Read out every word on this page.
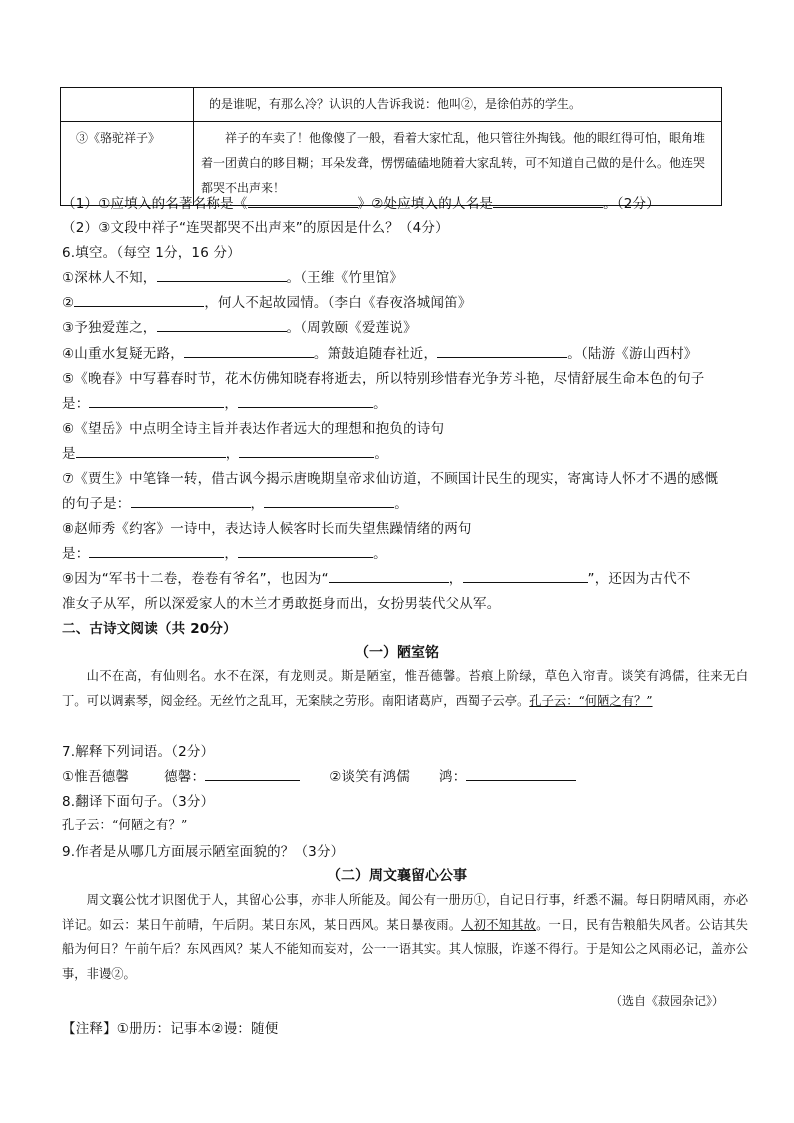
	的是谁呢，有那么冷？认识的人告诉我说：他叫②，是徐伯苏的学生。

③《骆驼祥子》	祥子的车卖了！他像傻了一般，看着大家忙乱，他只管往外掏钱。他的眼红得可怕，眼角堆着一团黄白的眵目糊；耳朵发聋，愣愣磕磕地随着大家乱转，可不知道自己做的是什么。他连哭都哭不出声来！
（1）①应填入的名著名称是《	》②处应填入的人名是	。（2分）
（2）③文段中祥子“连哭都哭不出声来”的原因是什么？（4分）
6.填空。（每空 1分，16 分）
①深林人不知，	。（王维《竹里馆》
②	，何人不起故园情。（李白《春夜洛城闻笛》
③予独爱莲之，	。（周敦颐《爱莲说》
④山重水复疑无路，	。箫鼓追随春社近，	。（陆游《游山西村》
⑤《晚春》中写暮春时节，花木仿佛知晓春将逝去，所以特别珍惜春光争芳斗艳，尽情舒展生命本色的句子
是：	，	。
⑥《望岳》中点明全诗主旨并表达作者远大的理想和抱负的诗句
是	，	。
⑦《贾生》中笔锋一转，借古讽今揭示唐晚期皇帝求仙访道，不顾国计民生的现实，寄寓诗人怀才不遇的感慨
的句子是：	，	。
⑧赵师秀《约客》一诗中，表达诗人候客时长而失望焦躁情绪的两句
是：	，	。
⑨因为“军书十二卷，卷卷有爷名”，也因为“	，	”，还因为古代不
准女子从军，所以深爱家人的木兰才勇敢挺身而出，女扮男装代父从军。
二、古诗文阅读（共 20分）
（一）陋室铭
山不在高，有仙则名。水不在深，有龙则灵。斯是陋室，惟吾德馨。苔痕上阶绿，草色入帘青。谈笑有鸿儒，往来无白丁。可以调素琴，阅金经。无丝竹之乱耳，无案牍之劳形。南阳诸葛庐，西蜀子云亭。孔子云：“何陋之有？”
7.解释下列词语。（2分）
①惟吾德馨	德馨：	②谈笑有鸿儒 鸿：
8.翻译下面句子。（3分）
孔子云：“何陋之有？”
9.作者是从哪几方面展示陋室面貌的？（3分）
（二）周文襄留心公事
周文襄公忱才识图优于人，其留心公事，亦非人所能及。闻公有一册历①，自记日行事，纤悉不漏。每日阴晴风雨，亦必详记。如云：某日午前晴，午后阴。某日东风，某日西风。某日暴夜雨。人初不知其故。一日，民有告粮船失风者。公诘其失船为何日？午前午后？东风西风？某人不能知而妄对，公一一语其实。其人惊服，诈遂不得行。于是知公之风雨必记，盖亦公事，非谩②。
（选自《菽园杂记》）
【注释】①册历：记事本②谩：随便
